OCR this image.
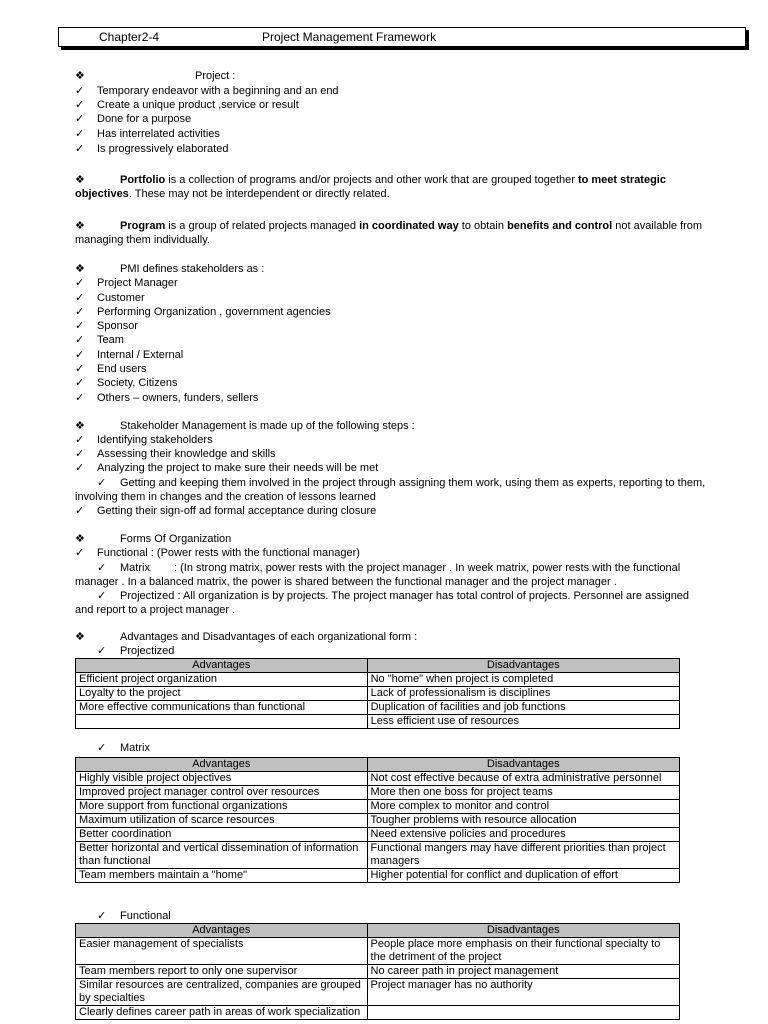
Chapter2-4	Project Management Framework
❖	Project :
✓	Temporary endeavor with a beginning and an end
✓	Create a unique product ,service or result
✓	Done for a purpose
✓	Has interrelated activities
✓	Is progressively elaborated
❖	Portfolio is a collection of programs and/or projects and other work that are grouped together to meet strategic
objectives. These may not be interdependent or directly related.
❖	Program is a group of related projects managed in coordinated way to obtain benefits and control not available from
managing them individually.
❖	PMI defines stakeholders as :
✓	Project Manager
✓	Customer
✓	Performing Organization , government agencies
✓	Sponsor
✓	Team
✓	Internal / External
✓	End users
✓	Society, Citizens
✓	Others – owners, funders, sellers
❖	Stakeholder Management is made up of the following steps :
✓	Identifying stakeholders
✓	Assessing their knowledge and skills
✓	Analyzing the project to make sure their needs will be met
✓	Getting and keeping them involved in the project through assigning them work, using them as experts, reporting to them,
involving them in changes and the creation of lessons learned
✓	Getting their sign-off ad formal acceptance during closure
❖	Forms Of Organization
✓	Functional : (Power rests with the functional manager)
✓	Matrix	: (In strong matrix, power rests with the project manager . In week matrix, power rests with the functional
manager . In a balanced matrix, the power is shared between the functional manager and the project manager .
✓	Projectized : All organization is by projects. The project manager has total control of projects. Personnel are assigned
and report to a project manager .
❖	Advantages and Disadvantages of each organizational form :
✓	Projectized
Advantages	Disadvantages
Efficient project organization	No "home" when project is completed
Loyalty to the project	Lack of professionalism is disciplines
More effective communications than functional	Duplication of facilities and job functions
	Less efficient use of resources
✓	Matrix
Advantages	Disadvantages
Highly visible project objectives	Not cost effective because of extra administrative personnel
Improved project manager control over resources	More then one boss for project teams
More support from functional organizations	More complex to monitor and control
Maximum utilization of scarce resources	Tougher problems with resource allocation
Better coordination	Need extensive policies and procedures
Better horizontal and vertical dissemination of information than functional	Functional mangers may have different priorities than project managers
Team members maintain a "home"	Higher potential for conflict and duplication of effort
✓	Functional
Advantages	Disadvantages
Easier management of specialists	People place more emphasis on their functional specialty to the detriment of the project
Team members report to only one supervisor	No career path in project management
Similar resources are centralized, companies are grouped by specialties	Project manager has no authority
Clearly defines career path in areas of work specialization	
